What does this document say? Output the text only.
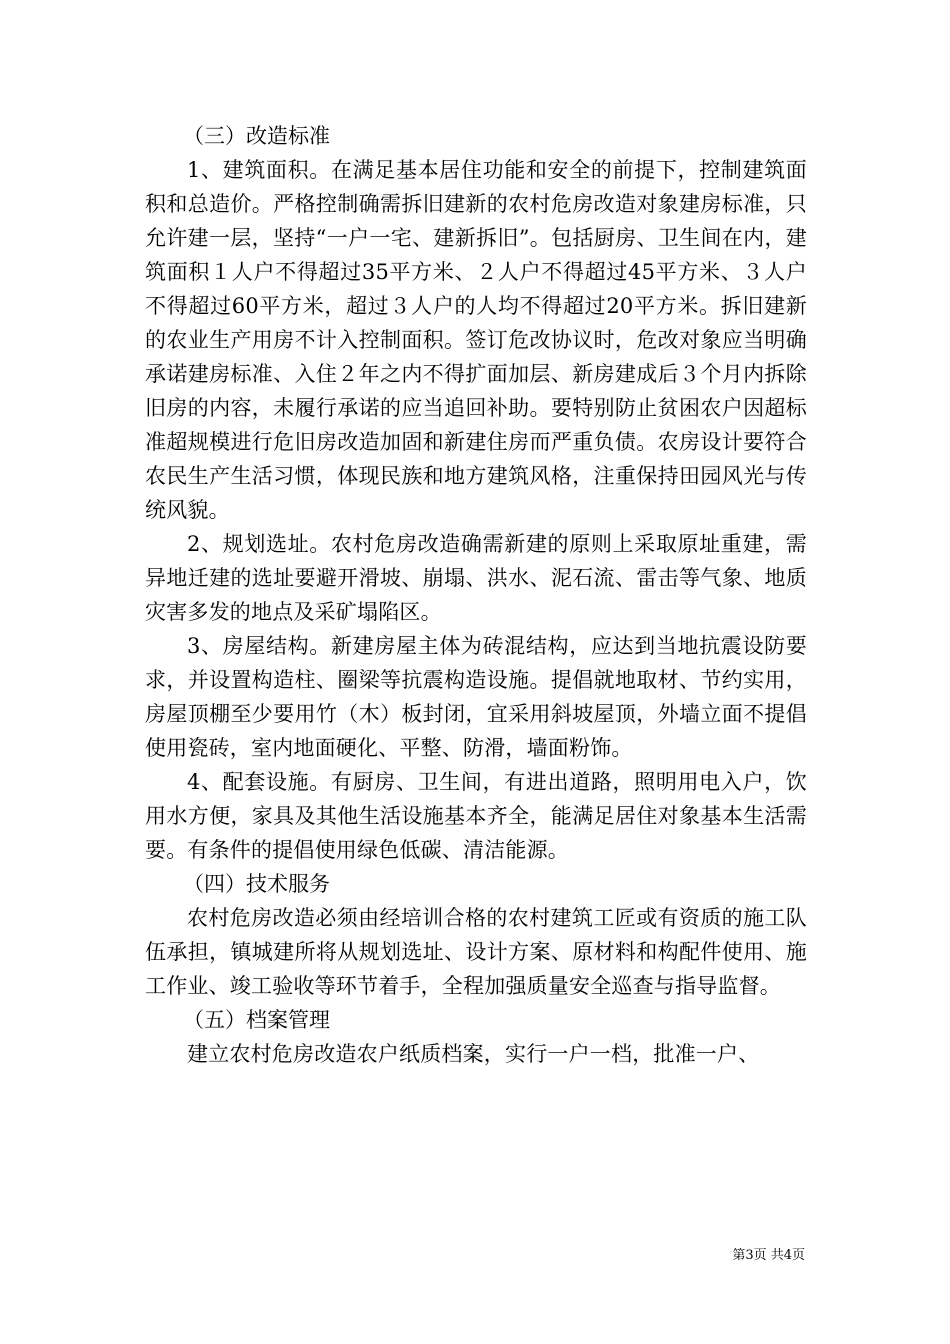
（三）改造标准

1、建筑面积。在满足基本居住功能和安全的前提下，控制建筑面积和总造价。严格控制确需拆旧建新的农村危房改造对象建房标准，只允许建一层，坚持“一户一宅、建新拆旧”。包括厨房、卫生间在内，建筑面积１人户不得超过35平方米、２人户不得超过45平方米、３人户不得超过60平方米，超过３人户的人均不得超过20平方米。拆旧建新的农业生产用房不计入控制面积。签订危改协议时，危改对象应当明确承诺建房标准、入住２年之内不得扩面加层、新房建成后３个月内拆除旧房的内容，未履行承诺的应当追回补助。要特别防止贫困农户因超标准超规模进行危旧房改造加固和新建住房而严重负债。农房设计要符合农民生产生活习惯，体现民族和地方建筑风格，注重保持田园风光与传统风貌。

2、规划选址。农村危房改造确需新建的原则上采取原址重建，需异地迁建的选址要避开滑坡、崩塌、洪水、泥石流、雷击等气象、地质灾害多发的地点及采矿塌陷区。

3、房屋结构。新建房屋主体为砖混结构，应达到当地抗震设防要求，并设置构造柱、圈梁等抗震构造设施。提倡就地取材、节约实用，房屋顶棚至少要用竹（木）板封闭，宜采用斜坡屋顶，外墙立面不提倡使用瓷砖，室内地面硬化、平整、防滑，墙面粉饰。

4、配套设施。有厨房、卫生间，有进出道路，照明用电入户，饮用水方便，家具及其他生活设施基本齐全，能满足居住对象基本生活需要。有条件的提倡使用绿色低碳、清洁能源。

（四）技术服务

农村危房改造必须由经培训合格的农村建筑工匠或有资质的施工队伍承担，镇城建所将从规划选址、设计方案、原材料和构配件使用、施工作业、竣工验收等环节着手，全程加强质量安全巡查与指导监督。

（五）档案管理

建立农村危房改造农户纸质档案，实行一户一档，批准一户、

第3页 共4页
